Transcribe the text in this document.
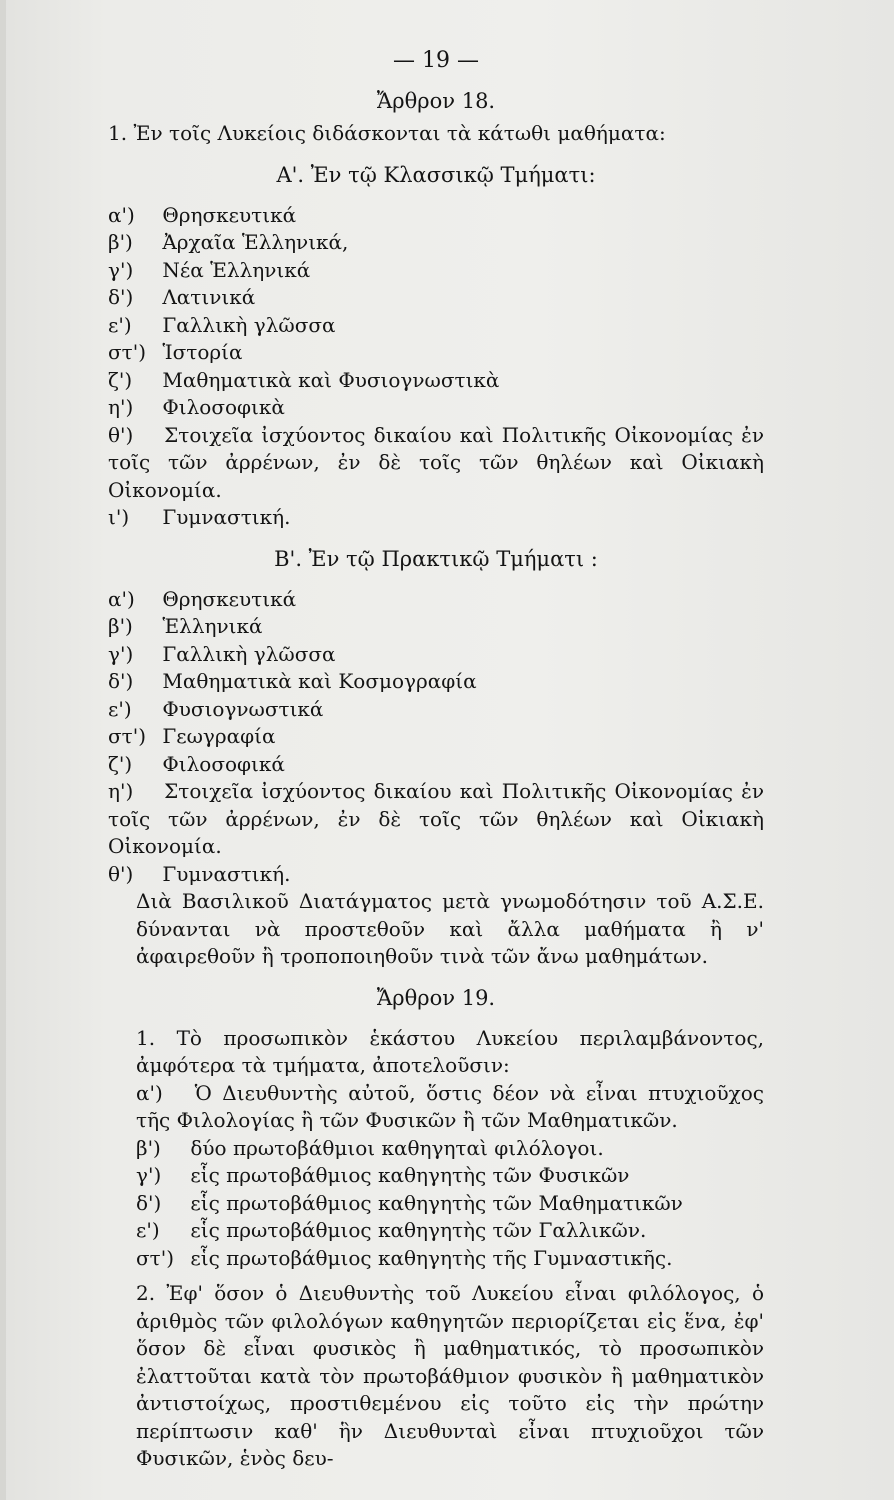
— 19 —
Ἄρθρον 18.
1. Ἐν τοῖς Λυκείοις διδάσκονται τὰ κάτωθι μαθήματα:
Α'. Ἐν τῷ Κλασσικῷ Τμήματι:
α') Θρησκευτικά
β') Ἀρχαῖα Ἑλληνικά,
γ') Νέα Ἑλληνικά
δ') Λατινικά
ε') Γαλλικὴ γλῶσσα
στ') Ἱστορία
ζ') Μαθηματικὰ καὶ Φυσιογνωστικὰ
η') Φιλοσοφικὰ
θ') Στοιχεῖα ἰσχύοντος δικαίου καὶ Πολιτικῆς Οἰκονομίας ἐν τοῖς τῶν ἀρρένων, ἐν δὲ τοῖς τῶν θηλέων καὶ Οἰκιακὴ Οἰκονομία.
ι') Γυμναστική.
Β'. Ἐν τῷ Πρακτικῷ Τμήματι :
α') Θρησκευτικά
β') Ἑλληνικά
γ') Γαλλικὴ γλῶσσα
δ') Μαθηματικὰ καὶ Κοσμογραφία
ε') Φυσιογνωστικά
στ') Γεωγραφία
ζ') Φιλοσοφικά
η') Στοιχεῖα ἰσχύοντος δικαίου καὶ Πολιτικῆς Οἰκονομίας ἐν τοῖς τῶν ἀρρένων, ἐν δὲ τοῖς τῶν θηλέων καὶ Οἰκιακὴ Οἰκονομία.
θ') Γυμναστική.
Διὰ Βασιλικοῦ Διατάγματος μετὰ γνωμοδότησιν τοῦ Α.Σ.Ε. δύνανται νὰ προστεθοῦν καὶ ἄλλα μαθήματα ἢ ν' ἀφαιρεθοῦν ἢ τροποποιηθοῦν τινὰ τῶν ἄνω μαθημάτων.
Ἄρθρον 19.
1. Τὸ προσωπικὸν ἑκάστου Λυκείου περιλαμβάνοντος, ἀμφότερα τὰ τμήματα, ἀποτελοῦσιν:
α') Ὁ Διευθυντὴς αὐτοῦ, ὅστις δέον νὰ εἶναι πτυχιοῦχος τῆς Φιλολογίας ἢ τῶν Φυσικῶν ἢ τῶν Μαθηματικῶν.
β') δύο πρωτοβάθμιοι καθηγηταὶ φιλόλογοι.
γ') εἷς πρωτοβάθμιος καθηγητὴς τῶν Φυσικῶν
δ') εἷς πρωτοβάθμιος καθηγητὴς τῶν Μαθηματικῶν
ε') εἷς πρωτοβάθμιος καθηγητὴς τῶν Γαλλικῶν.
στ') εἷς πρωτοβάθμιος καθηγητὴς τῆς Γυμναστικῆς.
2. Ἐφ' ὅσον ὁ Διευθυντὴς τοῦ Λυκείου εἶναι φιλόλογος, ὁ ἀριθμὸς τῶν φιλολόγων καθηγητῶν περιορίζεται εἰς ἕνα, ἐφ' ὅσον δὲ εἶναι φυσικὸς ἢ μαθηματικός, τὸ προσωπικὸν ἐλαττοῦται κατὰ τὸν πρωτοβάθμιον φυσικὸν ἢ μαθηματικὸν ἀντιστοίχως, προστιθεμένου εἰς τοῦτο εἰς τὴν πρώτην περίπτωσιν καθ' ἣν Διευθυνταὶ εἶναι πτυχιοῦχοι τῶν Φυσικῶν, ἑνὸς δευ-
